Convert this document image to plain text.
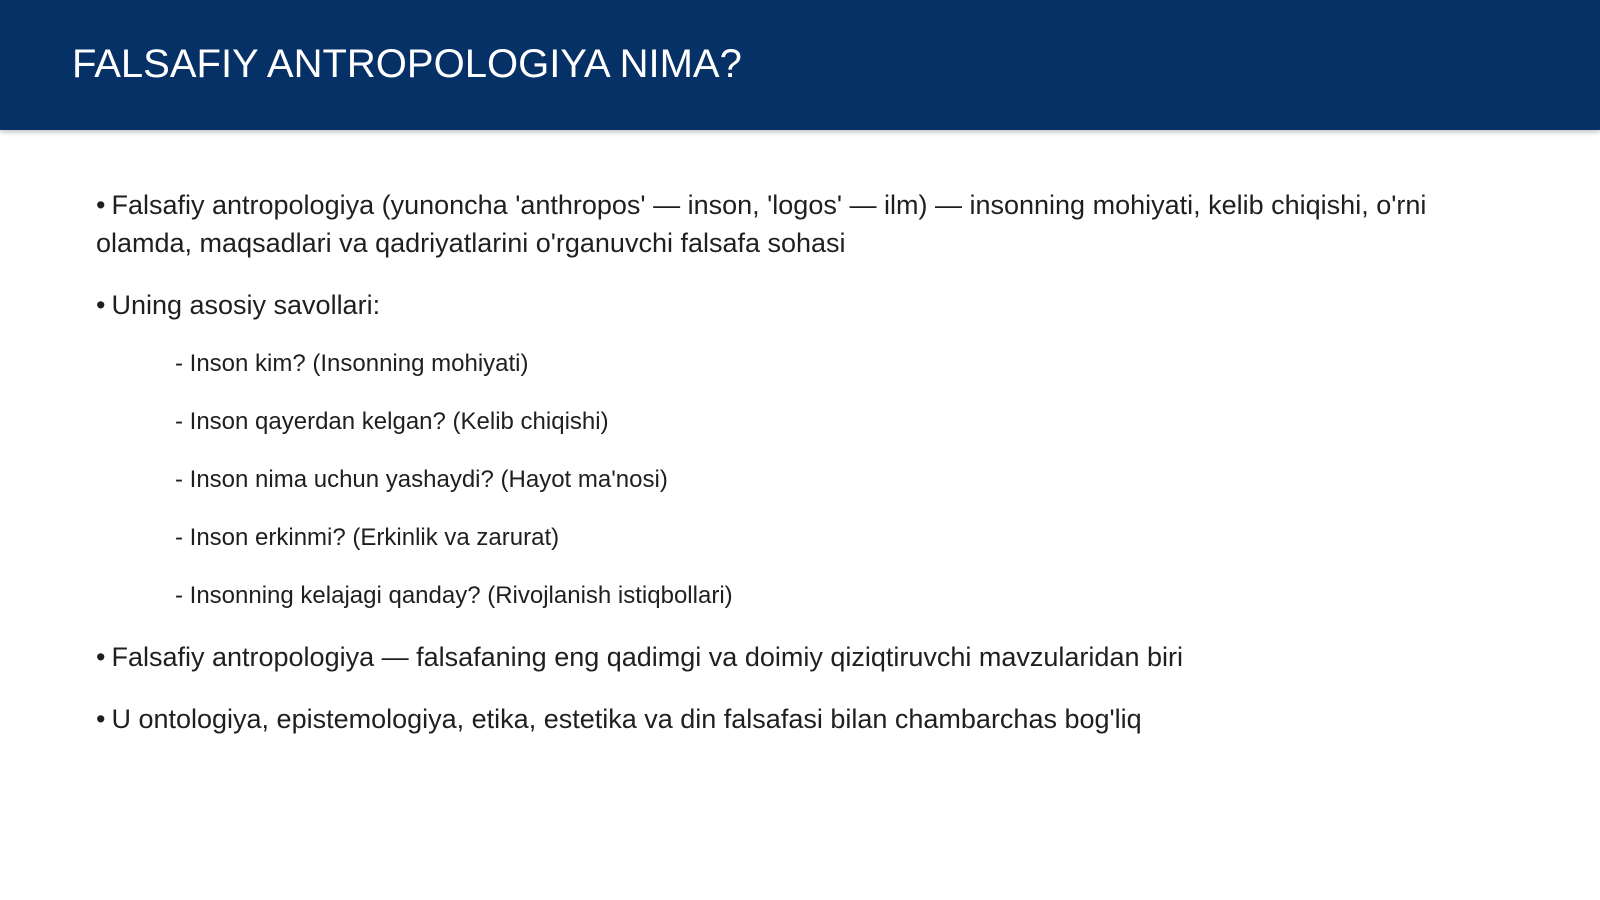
FALSAFIY ANTROPOLOGIYA NIMA?

• Falsafiy antropologiya (yunoncha 'anthropos' — inson, 'logos' — ilm) — insonning mohiyati, kelib chiqishi, o'rni olamda, maqsadlari va qadriyatlarini o'rganuvchi falsafa sohasi

• Uning asosiy savollari:

- Inson kim? (Insonning mohiyati)

- Inson qayerdan kelgan? (Kelib chiqishi)

- Inson nima uchun yashaydi? (Hayot ma'nosi)

- Inson erkinmi? (Erkinlik va zarurat)

- Insonning kelajagi qanday? (Rivojlanish istiqbollari)

• Falsafiy antropologiya — falsafaning eng qadimgi va doimiy qiziqtiruvchi mavzularidan biri

• U ontologiya, epistemologiya, etika, estetika va din falsafasi bilan chambarchas bog'liq
